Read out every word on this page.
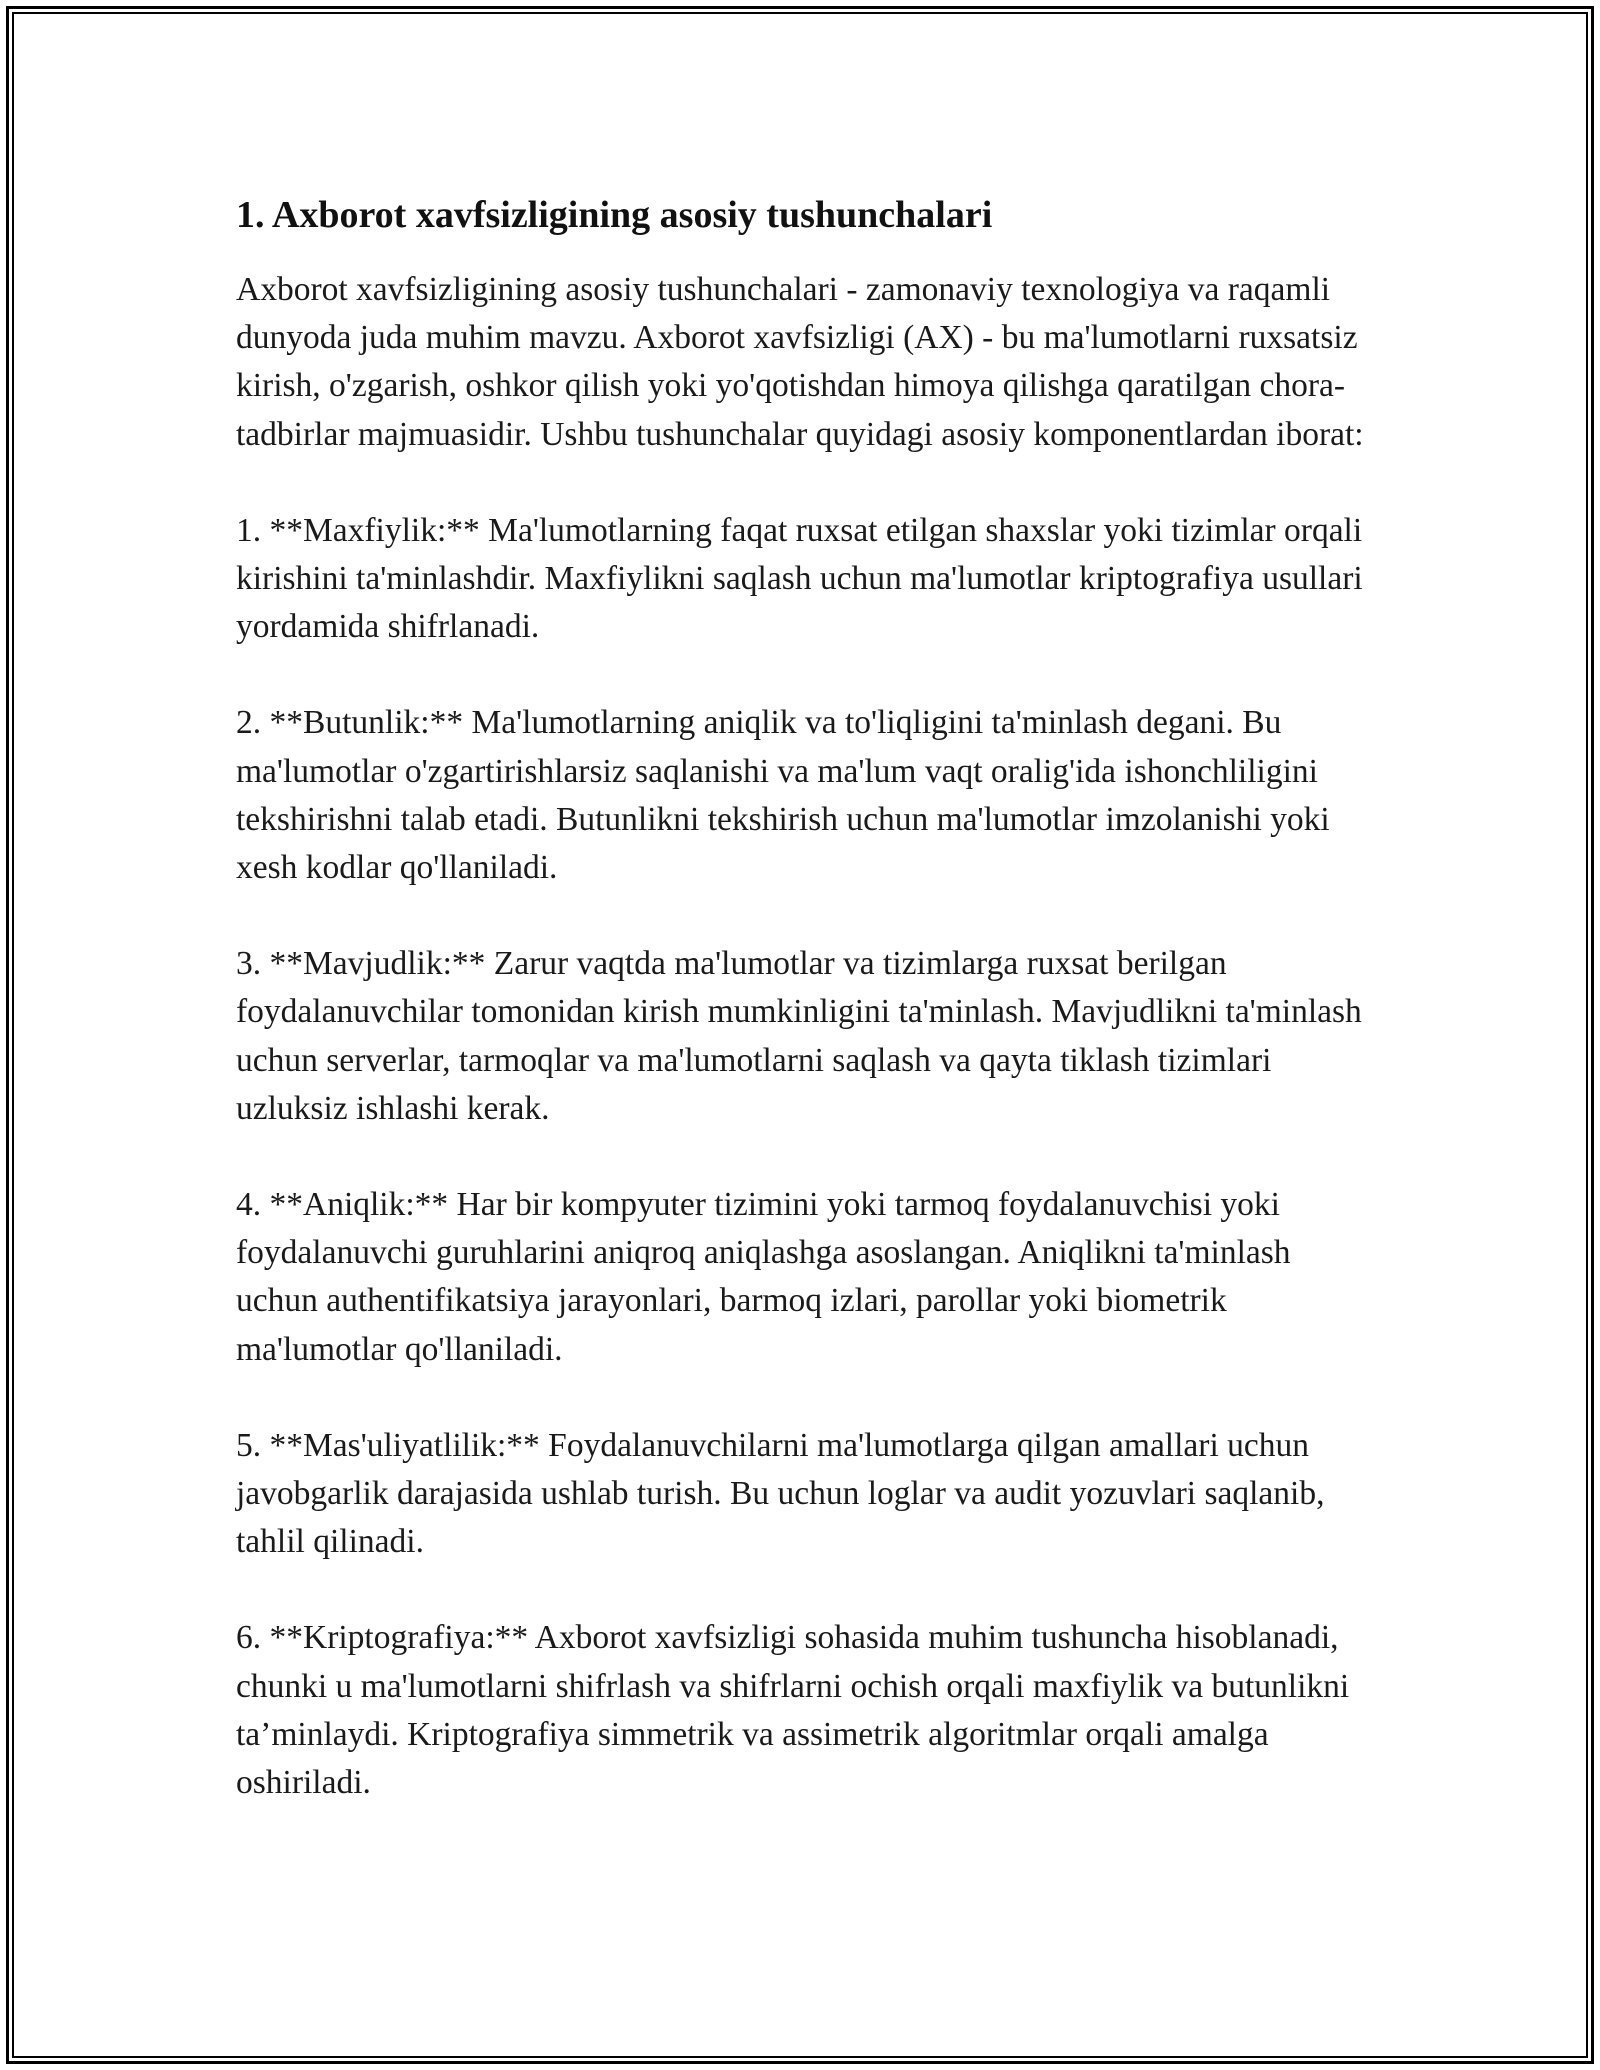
1. Axborot xavfsizligining asosiy tushunchalari

Axborot xavfsizligining asosiy tushunchalari - zamonaviy texnologiya va raqamli dunyoda juda muhim mavzu. Axborot xavfsizligi (AX) - bu ma'lumotlarni ruxsatsiz kirish, o'zgarish, oshkor qilish yoki yo'qotishdan himoya qilishga qaratilgan chora-tadbirlar majmuasidir. Ushbu tushunchalar quyidagi asosiy komponentlardan iborat:

1. **Maxfiylik:** Ma'lumotlarning faqat ruxsat etilgan shaxslar yoki tizimlar orqali kirishini ta'minlashdir. Maxfiylikni saqlash uchun ma'lumotlar kriptografiya usullari yordamida shifrlanadi.

2. **Butunlik:** Ma'lumotlarning aniqlik va to'liqligini ta'minlash degani. Bu ma'lumotlar o'zgartirishlarsiz saqlanishi va ma'lum vaqt oralig'ida ishonchliligini tekshirishni talab etadi. Butunlikni tekshirish uchun ma'lumotlar imzolanishi yoki xesh kodlar qo'llaniladi.

3. **Mavjudlik:** Zarur vaqtda ma'lumotlar va tizimlarga ruxsat berilgan foydalanuvchilar tomonidan kirish mumkinligini ta'minlash. Mavjudlikni ta'minlash uchun serverlar, tarmoqlar va ma'lumotlarni saqlash va qayta tiklash tizimlari uzluksiz ishlashi kerak.

4. **Aniqlik:** Har bir kompyuter tizimini yoki tarmoq foydalanuvchisi yoki foydalanuvchi guruhlarini aniqroq aniqlashga asoslangan. Aniqlikni ta'minlash uchun authentifikatsiya jarayonlari, barmoq izlari, parollar yoki biometrik ma'lumotlar qo'llaniladi.

5. **Mas'uliyatlilik:** Foydalanuvchilarni ma'lumotlarga qilgan amallari uchun javobgarlik darajasida ushlab turish. Bu uchun loglar va audit yozuvlari saqlanib, tahlil qilinadi.

6. **Kriptografiya:** Axborot xavfsizligi sohasida muhim tushuncha hisoblanadi, chunki u ma'lumotlarni shifrlash va shifrlarni ochish orqali maxfiylik va butunlikni ta’minlaydi. Kriptografiya simmetrik va assimetrik algoritmlar orqali amalga oshiriladi.
